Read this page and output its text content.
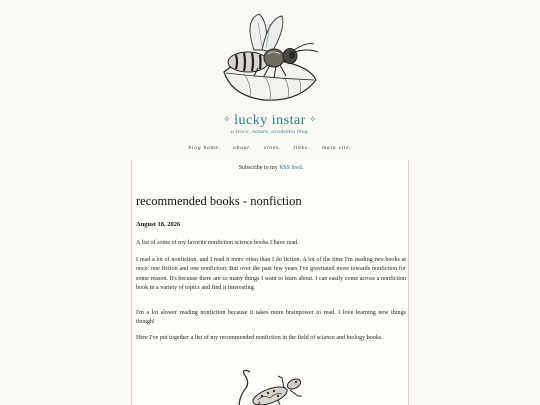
✧ lucky instar ✧
science, nature, academia blog.
blog home. about. zines. links. main site.
Subscribe to my RSS feed.
recommended books - nonfiction
August 18, 2026

A list of some of my favorite nonfiction science books I have read.

I read a lot of nonfiction, and I read it more often than I do fiction. A lot of the time I'm reading two books at once: one fiction and one nonfiction. But over the past few years I've gravitated more towards nonfiction for some reason. It's because there are so many things I want to learn about. I can easily come across a nonfiction book in a variety of topics and find it interesting.

I'm a lot slower reading nonfiction because it takes more brainpower to read. I love learning new things though!

Here I've put together a list of my recommended nonfiction in the field of science and biology books.
